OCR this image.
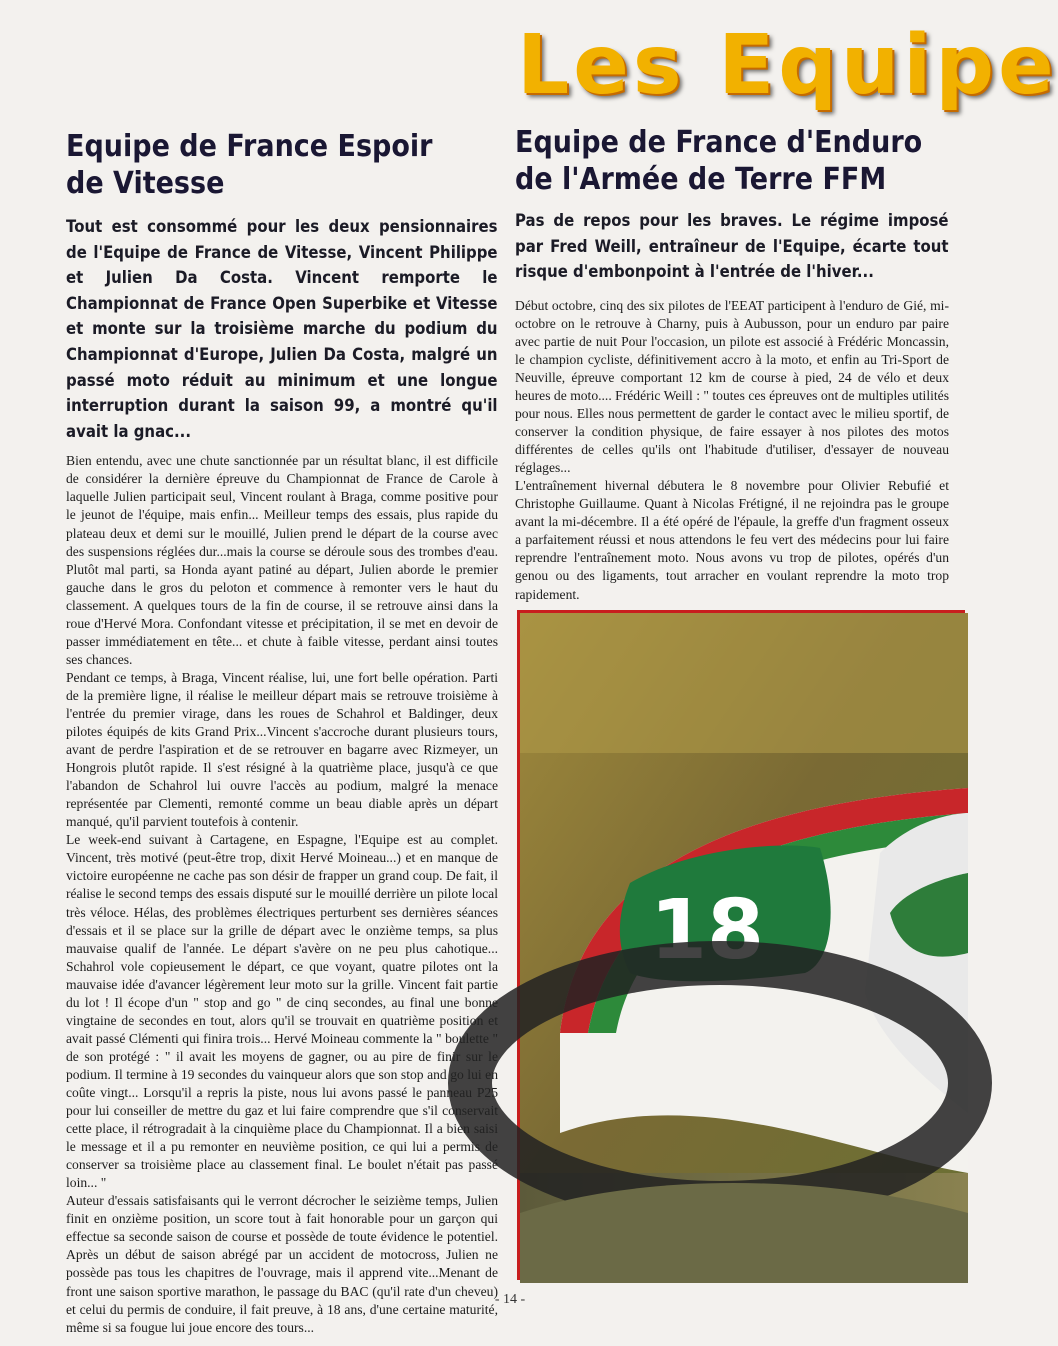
Les Equipe
Equipe de France Espoir
de Vitesse
Tout est consommé pour les deux pensionnaires de l'Equipe de France de Vitesse, Vincent Philippe et Julien Da Costa. Vincent remporte le Championnat de France Open Superbike et Vitesse et monte sur la troisième marche du podium du Championnat d'Europe, Julien Da Costa, malgré un passé moto réduit au minimum et une longue interruption durant la saison 99, a montré qu'il avait la gnac...

Bien entendu, avec une chute sanctionnée par un résultat blanc, il est difficile de considérer la dernière épreuve du Championnat de France de Carole à laquelle Julien participait seul, Vincent roulant à Braga, comme positive pour le jeunot de l'équipe, mais enfin... Meilleur temps des essais, plus rapide du plateau deux et demi sur le mouillé, Julien prend le départ de la course avec des suspensions réglées dur...mais la course se déroule sous des trombes d'eau. Plutôt mal parti, sa Honda ayant patiné au départ, Julien aborde le premier gauche dans le gros du peloton et commence à remonter vers le haut du classement. A quelques tours de la fin de course, il se retrouve ainsi dans la roue d'Hervé Mora. Confondant vitesse et précipitation, il se met en devoir de passer immédiatement en tête... et chute à faible vitesse, perdant ainsi toutes ses chances.

Pendant ce temps, à Braga, Vincent réalise, lui, une fort belle opération. Parti de la première ligne, il réalise le meilleur départ mais se retrouve troisième à l'entrée du premier virage, dans les roues de Schahrol et Baldinger, deux pilotes équipés de kits Grand Prix...Vincent s'accroche durant plusieurs tours, avant de perdre l'aspiration et de se retrouver en bagarre avec Rizmeyer, un Hongrois plutôt rapide. Il s'est résigné à la quatrième place, jusqu'à ce que l'abandon de Schahrol lui ouvre l'accès au podium, malgré la menace représentée par Clementi, remonté comme un beau diable après un départ manqué, qu'il parvient toutefois à contenir.

Le week-end suivant à Cartagene, en Espagne, l'Equipe est au complet. Vincent, très motivé (peut-être trop, dixit Hervé Moineau...) et en manque de victoire européenne ne cache pas son désir de frapper un grand coup. De fait, il réalise le second temps des essais disputé sur le mouillé derrière un pilote local très véloce. Hélas, des problèmes électriques perturbent ses dernières séances d'essais et il se place sur la grille de départ avec le onzième temps, sa plus mauvaise qualif de l'année. Le départ s'avère on ne peu plus cahotique... Schahrol vole copieusement le départ, ce que voyant, quatre pilotes ont la mauvaise idée d'avancer légèrement leur moto sur la grille. Vincent fait partie du lot ! Il écope d'un " stop and go " de cinq secondes, au final une bonne vingtaine de secondes en tout, alors qu'il se trouvait en quatrième position et avait passé Clémenti qui finira trois... Hervé Moineau commente la " boulette " de son protégé : " il avait les moyens de gagner, ou au pire de finir sur le podium. Il termine à 19 secondes du vainqueur alors que son stop and go lui en coûte vingt... Lorsqu'il a repris la piste, nous lui avons passé le panneau P25 pour lui conseiller de mettre du gaz et lui faire comprendre que s'il conservait cette place, il rétrogradait à la cinquième place du Championnat. Il a bien saisi le message et il a pu remonter en neuvième position, ce qui lui a permis de conserver sa troisième place au classement final. Le boulet n'était pas passé loin... "

Auteur d'essais satisfaisants qui le verront décrocher le seizième temps, Julien finit en onzième position, un score tout à fait honorable pour un garçon qui effectue sa seconde saison de course et possède de toute évidence le potentiel. Après un début de saison abrégé par un accident de motocross, Julien ne possède pas tous les chapitres de l'ouvrage, mais il apprend vite...Menant de front une saison sportive marathon, le passage du BAC (qu'il rate d'un cheveu) et celui du permis de conduire, il fait preuve, à 18 ans, d'une certaine maturité, même si sa fougue lui joue encore des tours...

Equipe de France d'Enduro
de l'Armée de Terre FFM
Pas de repos pour les braves. Le régime imposé par Fred Weill, entraîneur de l'Equipe, écarte tout risque d'embonpoint à l'entrée de l'hiver...

Début octobre, cinq des six pilotes de l'EEAT participent à l'enduro de Gié, mi-octobre on le retrouve à Charny, puis à Aubusson, pour un enduro par paire avec partie de nuit Pour l'occasion, un pilote est associé à Frédéric Moncassin, le champion cycliste, définitivement accro à la moto, et enfin au Tri-Sport de Neuville, épreuve comportant 12 km de course à pied, 24 de vélo et deux heures de moto.... Frédéric Weill : " toutes ces épreuves ont de multiples utilités pour nous. Elles nous permettent de garder le contact avec le milieu sportif, de conserver la condition physique, de faire essayer à nos pilotes des motos différentes de celles qu'ils ont l'habitude d'utiliser, d'essayer de nouveau réglages...

L'entraînement hivernal débutera le 8 novembre pour Olivier Rebufié et Christophe Guillaume. Quant à Nicolas Frétigné, il ne rejoindra pas le groupe avant la mi-décembre. Il a été opéré de l'épaule, la greffe d'un fragment osseux a parfaitement réussi et nous attendons le feu vert des médecins pour lui faire reprendre l'entraînement moto. Nous avons vu trop de pilotes, opérés d'un genou ou des ligaments, tout arracher en voulant reprendre la moto trop rapidement.

18
- 14 -
